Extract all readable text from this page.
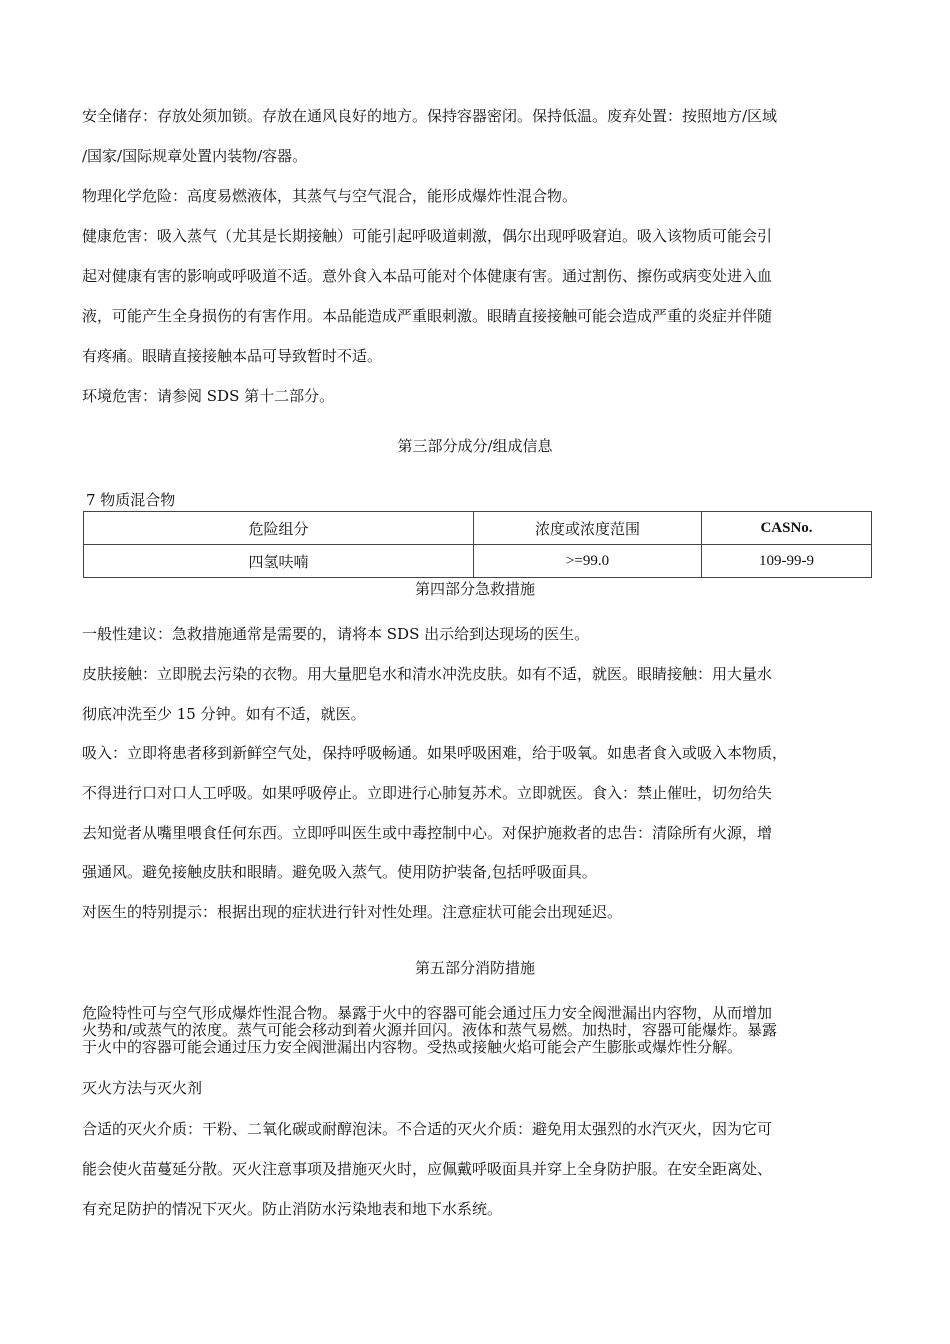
安全储存：存放处须加锁。存放在通风良好的地方。保持容器密闭。保持低温。废弃处置：按照地方/区域
/国家/国际规章处置内装物/容器。
物理化学危险：高度易燃液体，其蒸气与空气混合，能形成爆炸性混合物。
健康危害：吸入蒸气（尤其是长期接触）可能引起呼吸道刺激，偶尔出现呼吸窘迫。吸入该物质可能会引
起对健康有害的影响或呼吸道不适。意外食入本品可能对个体健康有害。通过割伤、擦伤或病变处进入血
液，可能产生全身损伤的有害作用。本品能造成严重眼刺激。眼睛直接接触可能会造成严重的炎症并伴随
有疼痛。眼睛直接接触本品可导致暂时不适。
环境危害：请参阅 SDS 第十二部分。
第三部分成分/组成信息
7 物质混合物
危险组分	浓度或浓度范围	CASNo.
四氢呋喃	>=99.0	109-99-9
第四部分急救措施
一般性建议：急救措施通常是需要的，请将本 SDS 出示给到达现场的医生。
皮肤接触：立即脱去污染的衣物。用大量肥皂水和清水冲洗皮肤。如有不适，就医。眼睛接触：用大量水
彻底冲洗至少 15 分钟。如有不适，就医。
吸入：立即将患者移到新鲜空气处，保持呼吸畅通。如果呼吸困难，给于吸氧。如患者食入或吸入本物质，
不得进行口对口人工呼吸。如果呼吸停止。立即进行心肺复苏术。立即就医。食入：禁止催吐，切勿给失
去知觉者从嘴里喂食任何东西。立即呼叫医生或中毒控制中心。对保护施救者的忠告：清除所有火源，增
强通风。避免接触皮肤和眼睛。避免吸入蒸气。使用防护装备,包括呼吸面具。
对医生的特别提示：根据出现的症状进行针对性处理。注意症状可能会出现延迟。
第五部分消防措施
危险特性可与空气形成爆炸性混合物。暴露于火中的容器可能会通过压力安全阀泄漏出内容物，从而增加
火势和/或蒸气的浓度。蒸气可能会移动到着火源并回闪。液体和蒸气易燃。加热时，容器可能爆炸。暴露
于火中的容器可能会通过压力安全阀泄漏出内容物。受热或接触火焰可能会产生膨胀或爆炸性分解。
灭火方法与灭火剂
合适的灭火介质：干粉、二氧化碳或耐醇泡沫。不合适的灭火介质：避免用太强烈的水汽灭火，因为它可
能会使火苗蔓延分散。灭火注意事项及措施灭火时，应佩戴呼吸面具并穿上全身防护服。在安全距离处、
有充足防护的情况下灭火。防止消防水污染地表和地下水系统。
